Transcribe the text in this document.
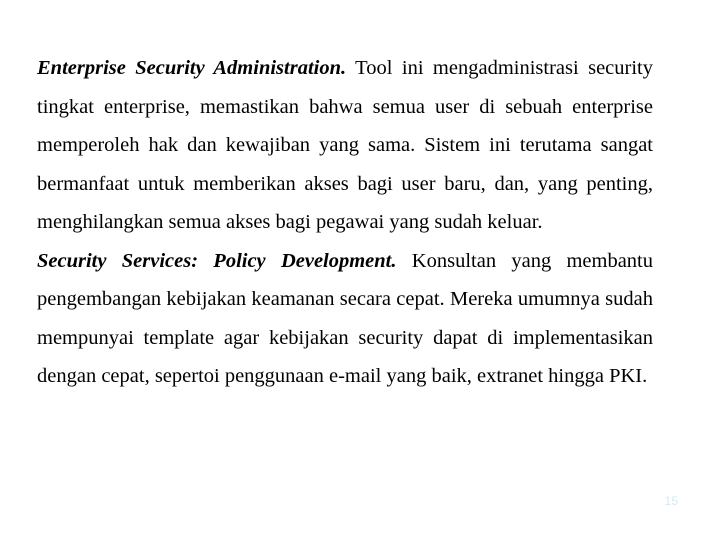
Enterprise Security Administration. Tool ini mengadministrasi security tingkat enterprise, memastikan bahwa semua user di sebuah enterprise memperoleh hak dan kewajiban yang sama. Sistem ini terutama sangat bermanfaat untuk memberikan akses bagi user baru, dan, yang penting, menghilangkan semua akses bagi pegawai yang sudah keluar.

Security Services: Policy Development. Konsultan yang membantu pengembangan kebijakan keamanan secara cepat. Mereka umumnya sudah mempunyai template agar kebijakan security dapat di implementasikan dengan cepat, sepertoi penggunaan e-mail yang baik, extranet hingga PKI.

15
